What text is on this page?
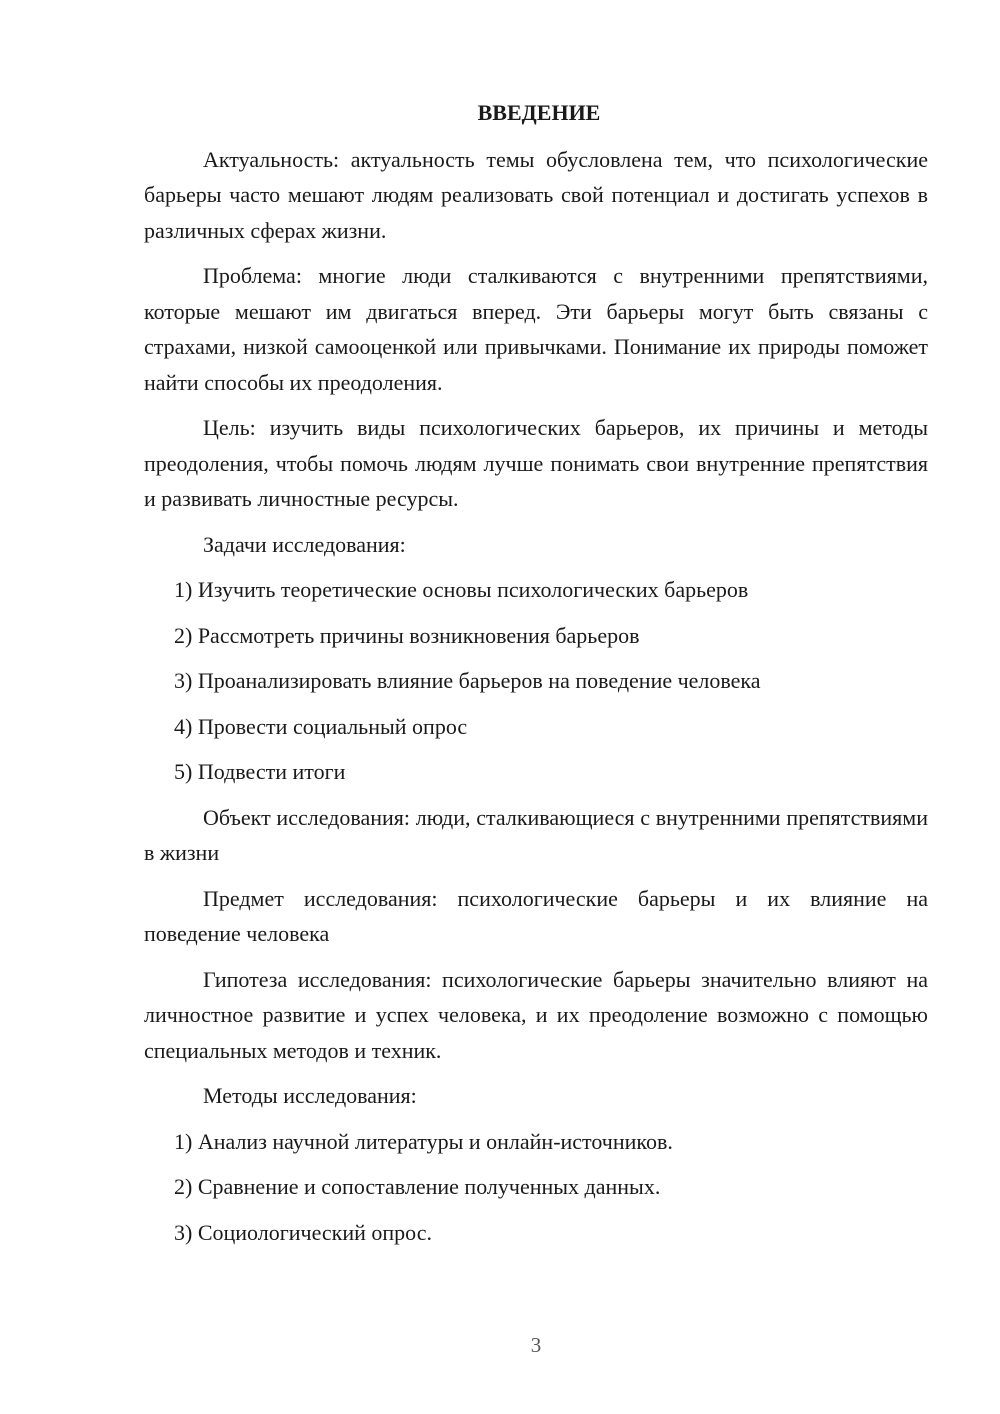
ВВЕДЕНИЕ
Актуальность: актуальность темы обусловлена тем, что психологические барьеры часто мешают людям реализовать свой потенциал и достигать успехов в различных сферах жизни.
Проблема: многие люди сталкиваются с внутренними препятствиями, которые мешают им двигаться вперед. Эти барьеры могут быть связаны с страхами, низкой самооценкой или привычками. Понимание их природы поможет найти способы их преодоления.
Цель: изучить виды психологических барьеров, их причины и методы преодоления, чтобы помочь людям лучше понимать свои внутренние препятствия и развивать личностные ресурсы.
Задачи исследования:
1) Изучить теоретические основы психологических барьеров
2) Рассмотреть причины возникновения барьеров
3) Проанализировать влияние барьеров на поведение человека
4) Провести социальный опрос
5) Подвести итоги
Объект исследования: люди, сталкивающиеся с внутренними препятствиями в жизни
Предмет исследования: психологические барьеры и их влияние на поведение человека
Гипотеза исследования: психологические барьеры значительно влияют на личностное развитие и успех человека, и их преодоление возможно с помощью специальных методов и техник.
Методы исследования:
1) Анализ научной литературы и онлайн-источников.
2) Сравнение и сопоставление полученных данных.
3) Социологический опрос.
3
